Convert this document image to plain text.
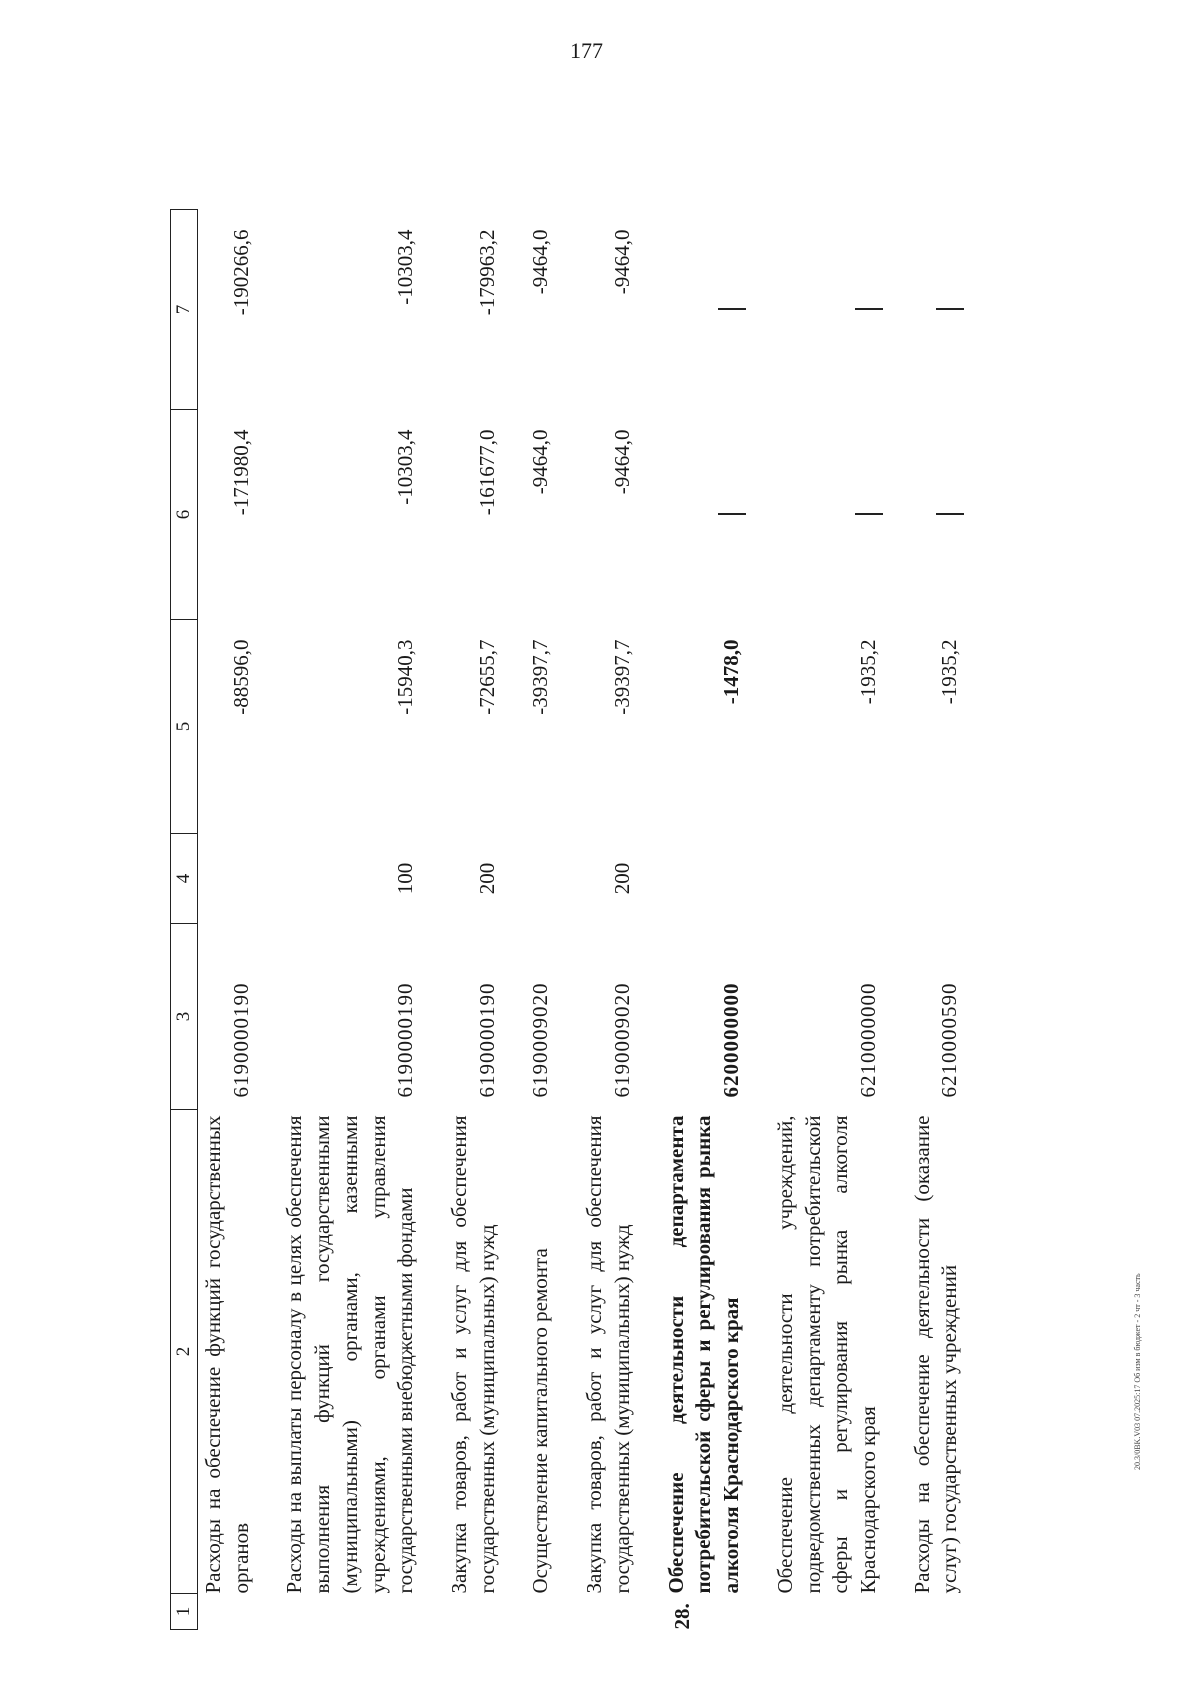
177
1	2	3	4	5	6	7
	Расходы на обеспечение функций государственных органов	6190000190		-88596,0	-171980,4	-190266,6
	Расходы на выплаты персоналу в целях обеспечения выполнения функций государственными (муниципальными) органами, казенными учреждениями, органами управления государственными внебюджетными фондами	6190000190	100	-15940,3	-10303,4	-10303,4
	Закупка товаров, работ и услуг для обеспечения государственных (муниципальных) нужд	6190000190	200	-72655,7	-161677,0	-179963,2
	Осуществление капитального ремонта	6190009020		-39397,7	-9464,0	-9464,0
	Закупка товаров, работ и услуг для обеспечения государственных (муниципальных) нужд	6190009020	200	-39397,7	-9464,0	-9464,0
28.	Обеспечение деятельности департамента потребительской сферы и регулирования рынка алкоголя Краснодарского края	6200000000		-1478,0		
	Обеспечение деятельности учреждений, подведомственных департаменту потребительской сферы и регулирования рынка алкоголя Краснодарского края	6210000000		-1935,2		
	Расходы на обеспечение деятельности (оказание услуг) государственных учреждений	6210000590		-1935,2		
20.3/0BK.V03 07.2025:17 Об изм в бюджет - 2 чт - 3 часть
